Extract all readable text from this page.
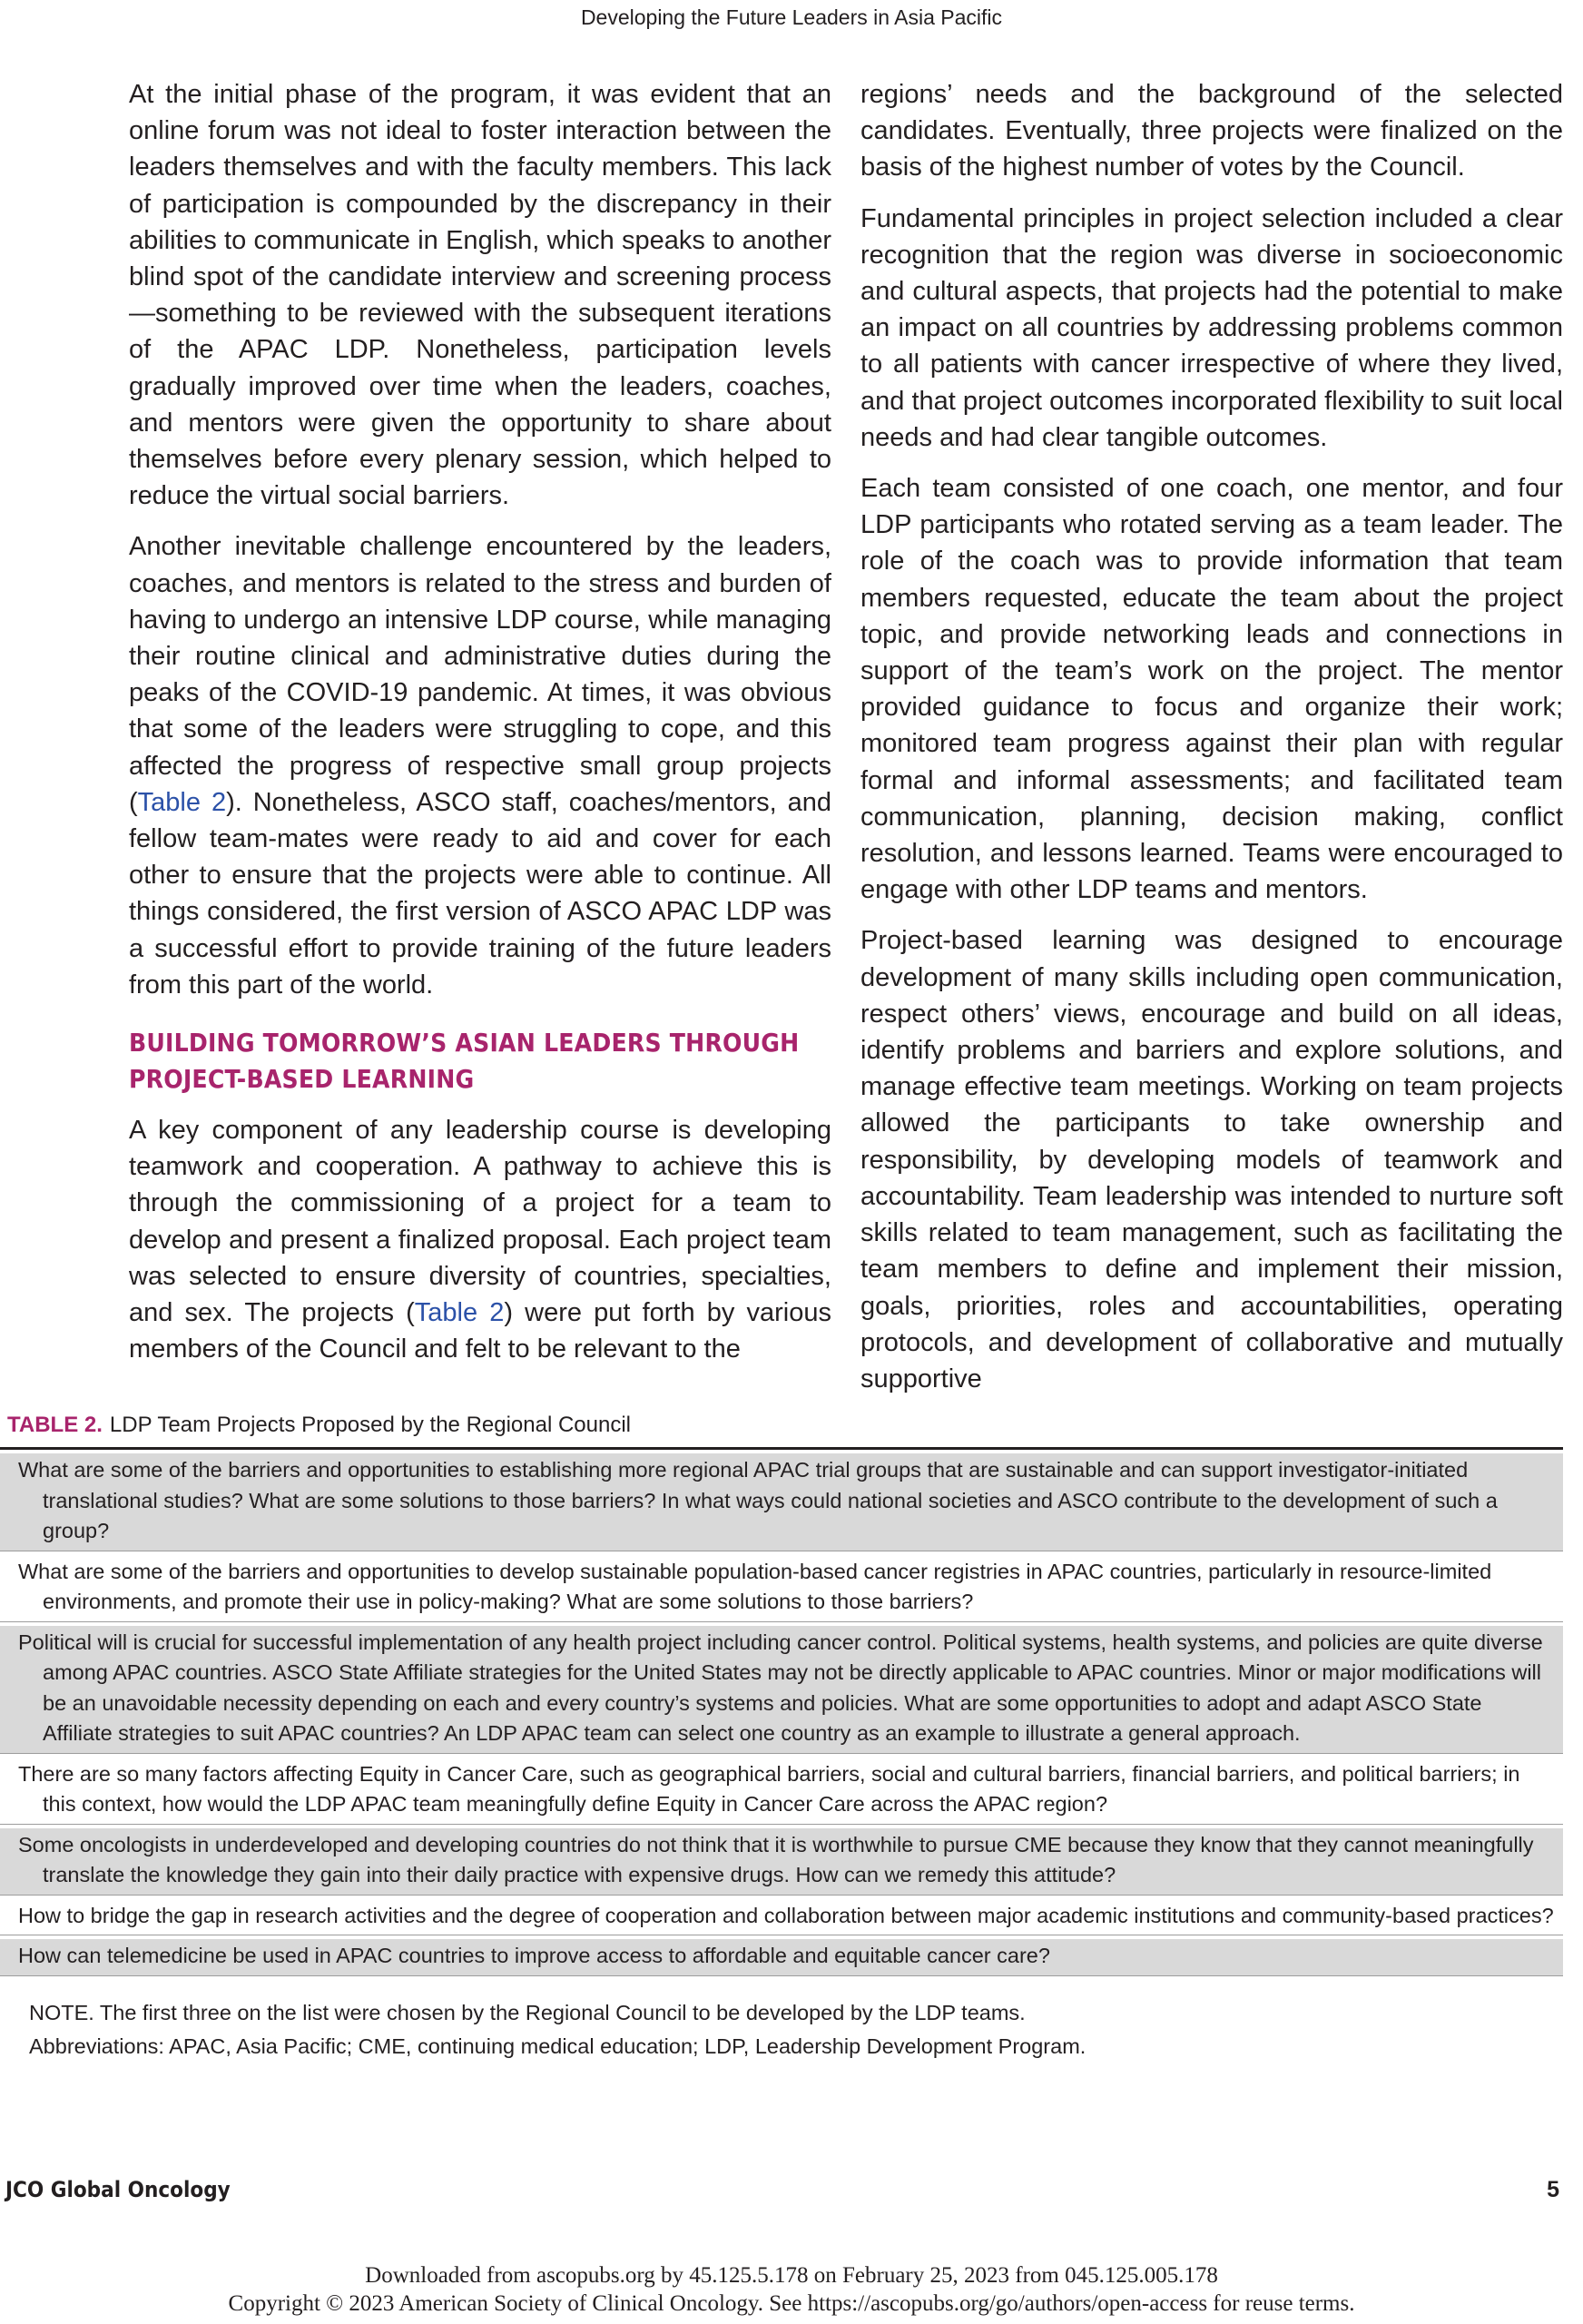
Developing the Future Leaders in Asia Pacific

At the initial phase of the program, it was evident that an online forum was not ideal to foster interaction between the leaders themselves and with the faculty members. This lack of participation is compounded by the discrepancy in their abilities to communicate in English, which speaks to another blind spot of the candidate interview and screening process—something to be reviewed with the subsequent iterations of the APAC LDP. Nonetheless, participation levels gradually improved over time when the leaders, coaches, and mentors were given the opportunity to share about themselves before every plenary session, which helped to reduce the virtual social barriers.

Another inevitable challenge encountered by the leaders, coaches, and mentors is related to the stress and burden of having to undergo an intensive LDP course, while managing their routine clinical and administrative duties during the peaks of the COVID-19 pandemic. At times, it was obvious that some of the leaders were struggling to cope, and this affected the progress of respective small group projects (Table 2). Nonetheless, ASCO staff, coaches/mentors, and fellow team-mates were ready to aid and cover for each other to ensure that the projects were able to continue. All things considered, the first version of ASCO APAC LDP was a successful effort to provide training of the future leaders from this part of the world.

BUILDING TOMORROW’S ASIAN LEADERS THROUGH
PROJECT-BASED LEARNING

A key component of any leadership course is developing teamwork and cooperation. A pathway to achieve this is through the commissioning of a project for a team to develop and present a finalized proposal. Each project team was selected to ensure diversity of countries, specialties, and sex. The projects (Table 2) were put forth by various members of the Council and felt to be relevant to the

regions’ needs and the background of the selected candidates. Eventually, three projects were finalized on the basis of the highest number of votes by the Council.

Fundamental principles in project selection included a clear recognition that the region was diverse in socioeconomic and cultural aspects, that projects had the potential to make an impact on all countries by addressing problems common to all patients with cancer irrespective of where they lived, and that project outcomes incorporated flexibility to suit local needs and had clear tangible outcomes.

Each team consisted of one coach, one mentor, and four LDP participants who rotated serving as a team leader. The role of the coach was to provide information that team members requested, educate the team about the project topic, and provide networking leads and connections in support of the team’s work on the project. The mentor provided guidance to focus and organize their work; monitored team progress against their plan with regular formal and informal assessments; and facilitated team communication, planning, decision making, conflict resolution, and lessons learned. Teams were encouraged to engage with other LDP teams and mentors.

Project-based learning was designed to encourage development of many skills including open communication, respect others’ views, encourage and build on all ideas, identify problems and barriers and explore solutions, and manage effective team meetings. Working on team projects allowed the participants to take ownership and responsibility, by developing models of teamwork and accountability. Team leadership was intended to nurture soft skills related to team management, such as facilitating the team members to define and implement their mission, goals, priorities, roles and accountabilities, operating protocols, and development of collaborative and mutually supportive

TABLE 2. LDP Team Projects Proposed by the Regional Council
What are some of the barriers and opportunities to establishing more regional APAC trial groups that are sustainable and can support investigator-initiated translational studies? What are some solutions to those barriers? In what ways could national societies and ASCO contribute to the development of such a group?
What are some of the barriers and opportunities to develop sustainable population-based cancer registries in APAC countries, particularly in resource-limited environments, and promote their use in policy-making? What are some solutions to those barriers?
Political will is crucial for successful implementation of any health project including cancer control. Political systems, health systems, and policies are quite diverse among APAC countries. ASCO State Affiliate strategies for the United States may not be directly applicable to APAC countries. Minor or major modifications will be an unavoidable necessity depending on each and every country’s systems and policies. What are some opportunities to adopt and adapt ASCO State Affiliate strategies to suit APAC countries? An LDP APAC team can select one country as an example to illustrate a general approach.
There are so many factors affecting Equity in Cancer Care, such as geographical barriers, social and cultural barriers, financial barriers, and political barriers; in this context, how would the LDP APAC team meaningfully define Equity in Cancer Care across the APAC region?
Some oncologists in underdeveloped and developing countries do not think that it is worthwhile to pursue CME because they know that they cannot meaningfully translate the knowledge they gain into their daily practice with expensive drugs. How can we remedy this attitude?
How to bridge the gap in research activities and the degree of cooperation and collaboration between major academic institutions and community-based practices?
How can telemedicine be used in APAC countries to improve access to affordable and equitable cancer care?
NOTE. The first three on the list were chosen by the Regional Council to be developed by the LDP teams.
Abbreviations: APAC, Asia Pacific; CME, continuing medical education; LDP, Leadership Development Program.
JCO Global Oncology	5
Downloaded from ascopubs.org by 45.125.5.178 on February 25, 2023 from 045.125.005.178
Copyright © 2023 American Society of Clinical Oncology. See https://ascopubs.org/go/authors/open-access for reuse terms.
